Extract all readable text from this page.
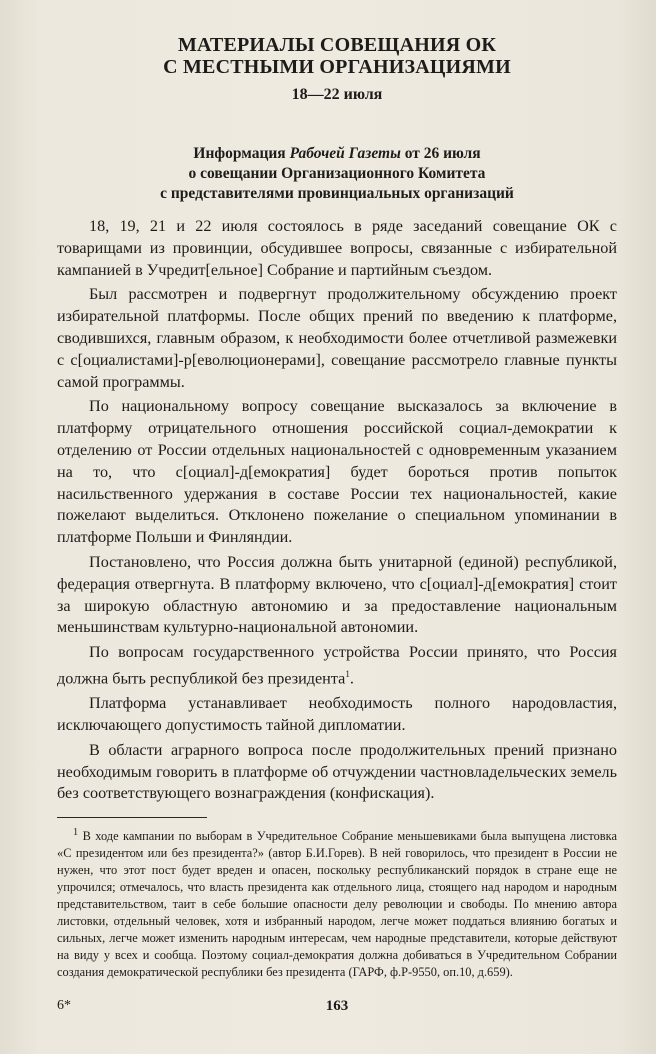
МАТЕРИАЛЫ СОВЕЩАНИЯ ОК
С МЕСТНЫМИ ОРГАНИЗАЦИЯМИ
18—22 июля
Информация Рабочей Газеты от 26 июля
о совещании Организационного Комитета
с представителями провинциальных организаций

18, 19, 21 и 22 июля состоялось в ряде заседаний совещание ОК с товарищами из провинции, обсудившее вопросы, связанные с избирательной кампанией в Учредит[ельное] Собрание и партийным съездом.

Был рассмотрен и подвергнут продолжительному обсуждению проект избирательной платформы. После общих прений по введению к платформе, сводившихся, главным образом, к необходимости более отчетливой размежевки с с[оциалистами]-р[еволюционерами], совещание рассмотрело главные пункты самой программы.

По национальному вопросу совещание высказалось за включение в платформу отрицательного отношения российской социал-демократии к отделению от России отдельных национальностей с одновременным указанием на то, что с[оциал]-д[емократия] будет бороться против попыток насильственного удержания в составе России тех национальностей, какие пожелают выделиться. Отклонено пожелание о специальном упоминании в платформе Польши и Финляндии.

Постановлено, что Россия должна быть унитарной (единой) республикой, федерация отвергнута. В платформу включено, что с[оциал]-д[емократия] стоит за широкую областную автономию и за предоставление национальным меньшинствам культурно-национальной автономии.

По вопросам государственного устройства России принято, что Россия должна быть республикой без президента$^1$.

Платформа устанавливает необходимость полного народовластия, исключающего допустимость тайной дипломатии.

В области аграрного вопроса после продолжительных прений признано необходимым говорить в платформе об отчуждении частновладельческих земель без соответствующего вознаграждения (конфискация).

$^1$ В ходе кампании по выборам в Учредительное Собрание меньшевиками была выпущена листовка «С президентом или без президента?» (автор Б.И.Горев). В ней говорилось, что президент в России не нужен, что этот пост будет вреден и опасен, поскольку республиканский порядок в стране еще не упрочился; отмечалось, что власть президента как отдельного лица, стоящего над народом и народным представительством, таит в себе большие опасности делу революции и свободы. По мнению автора листовки, отдельный человек, хотя и избранный народом, легче может поддаться влиянию богатых и сильных, легче может изменить народным интересам, чем народные представители, которые действуют на виду у всех и сообща. Поэтому социал-демократия должна добиваться в Учредительном Собрании создания демократической республики без президента (ГАРФ, ф.Р-9550, оп.10, д.659).

6*	163
